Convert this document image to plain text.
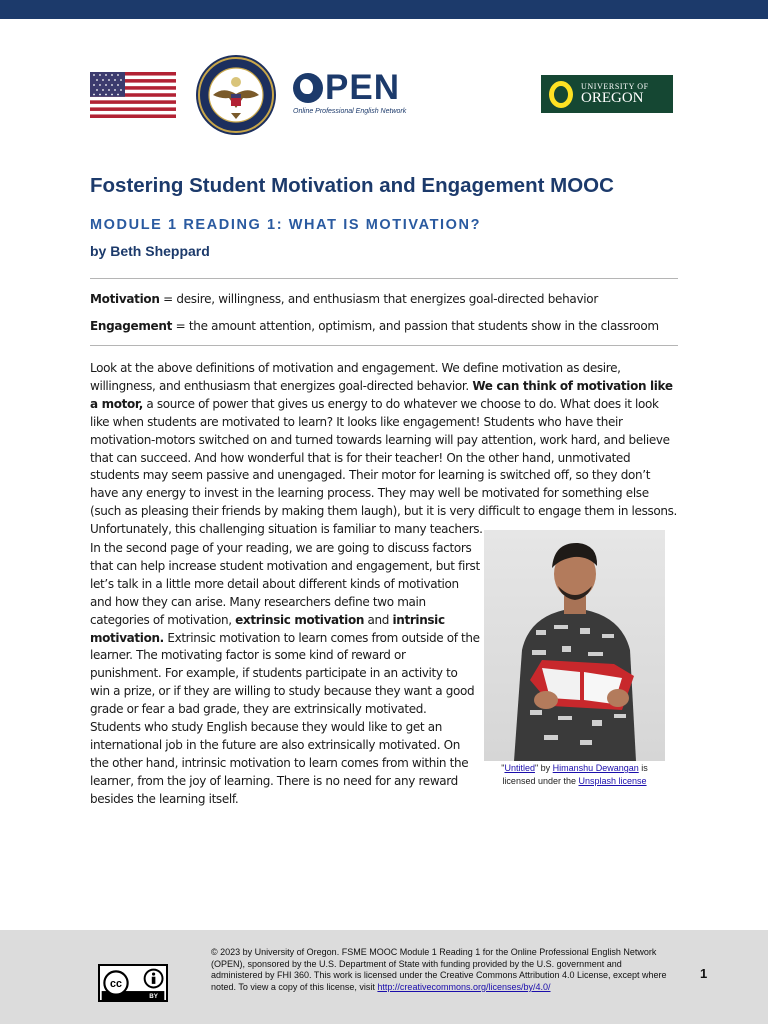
PEN
Online Professional English Network
UNIVERSITY OF
OREGON
Fostering Student Motivation and Engagement MOOC
MODULE 1 READING 1: WHAT IS MOTIVATION?
by Beth Sheppard
Motivation = desire, willingness, and enthusiasm that energizes goal-directed behavior
Engagement = the amount attention, optimism, and passion that students show in the classroom

Look at the above definitions of motivation and engagement. We define motivation as desire, willingness, and enthusiasm that energizes goal-directed behavior. We can think of motivation like a motor, a source of power that gives us energy to do whatever we choose to do. What does it look like when students are motivated to learn? It looks like engagement! Students who have their motivation-motors switched on and turned towards learning will pay attention, work hard, and believe that can succeed. And how wonderful that is for their teacher! On the other hand, unmotivated students may seem passive and unengaged. Their motor for learning is switched off, so they don’t have any energy to invest in the learning process. They may well be motivated for something else (such as pleasing their friends by making them laugh), but it is very difficult to engage them in lessons. Unfortunately, this challenging situation is familiar to many teachers.

In the second page of your reading, we are going to discuss factors that can help increase student motivation and engagement, but first let’s talk in a little more detail about different kinds of motivation and how they can arise. Many researchers define two main categories of motivation, extrinsic motivation and intrinsic motivation. Extrinsic motivation to learn comes from outside of the learner. The motivating factor is some kind of reward or punishment. For example, if students participate in an activity to win a prize, or if they are willing to study because they want a good grade or fear a bad grade, they are extrinsically motivated. Students who study English because they would like to get an international job in the future are also extrinsically motivated. On the other hand, intrinsic motivation to learn comes from within the learner, from the joy of learning. There is no need for any reward besides the learning itself.

"Untitled" by Himanshu Dewangan is licensed under the Unsplash license
cc
BY
© 2023 by University of Oregon. FSME MOOC Module 1 Reading 1 for the Online Professional English Network (OPEN), sponsored by the U.S. Department of State with funding provided by the U.S. government and administered by FHI 360. This work is licensed under the Creative Commons Attribution 4.0 License, except where noted. To view a copy of this license, visit http://creativecommons.org/licenses/by/4.0/
1
